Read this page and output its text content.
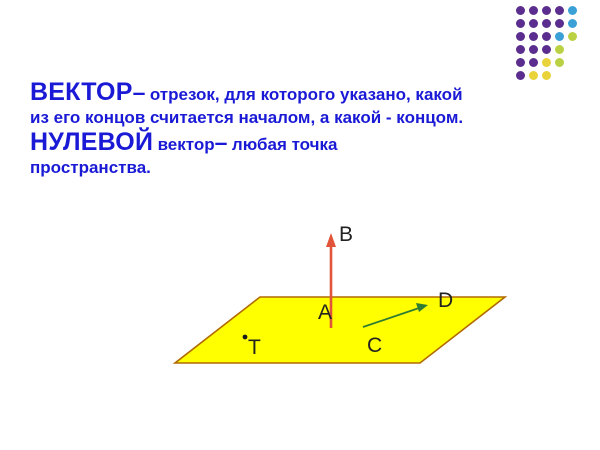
ВЕКТОР– отрезок, для которого указано, какой

из его концов считается началом, а какой - концом.

НУЛЕВОЙ вектор– любая точка

пространства.

B
A
D
C
T
